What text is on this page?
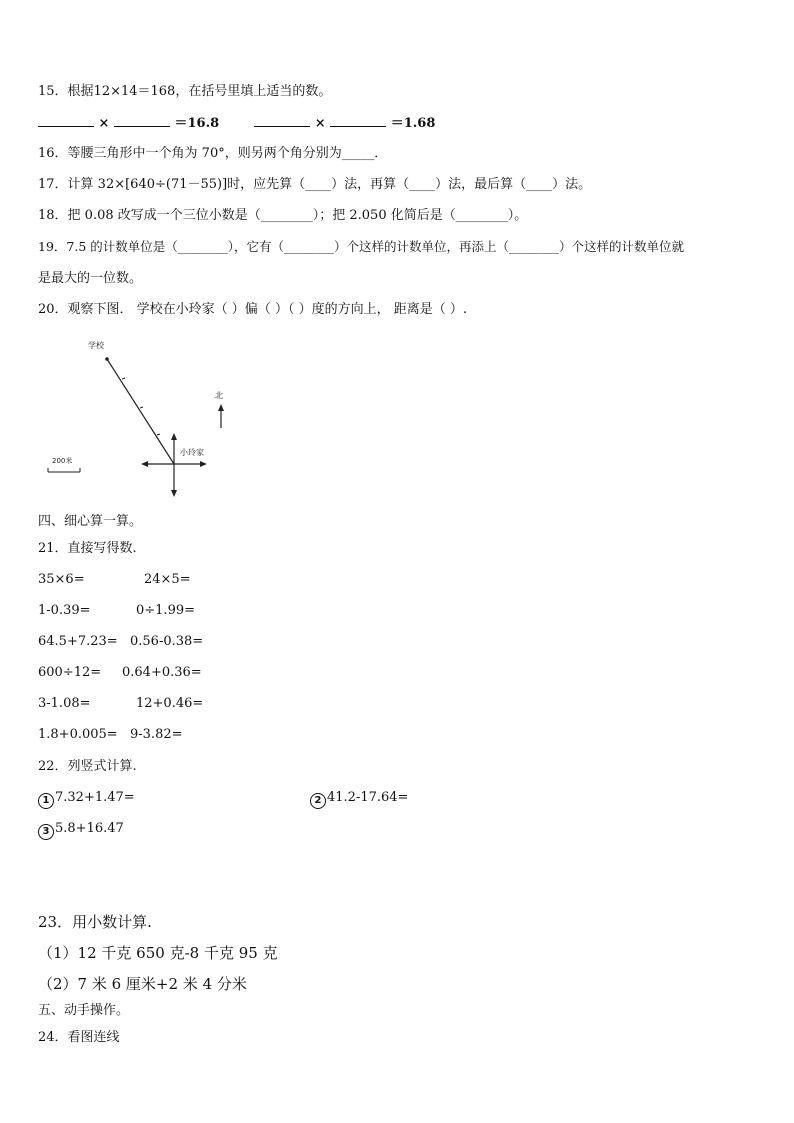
15．根据12×14＝168，在括号里填上适当的数。
×	＝16.8	×	＝1.68
16．等腰三角形中一个角为 70°，则另两个角分别为_____．
17．计算 32×[640÷(71－55)]时，应先算（____）法，再算（____）法，最后算（____）法。
18．把 0.08 改写成一个三位小数是（________）；把 2.050 化简后是（________）。
19．7.5 的计数单位是（________），它有（________）个这样的计数单位，再添上（________）个这样的计数单位就
是最大的一位数。
20．观察下图． 学校在小玲家（ ）偏（ ）（ ）度的方向上， 距离是（ ）.
学校
小玲家
北
200米
四、细心算一算。
21．直接写得数.
35×6=	24×5=
1-0.39=	0÷1.99=
64.5+7.23= 0.56-0.38=
600÷12= 0.64+0.36=
3-1.08=	12+0.46=
1.8+0.005= 9-3.82=
22．列竖式计算.
1 7.32+1.47=	2 41.2-17.64=
3 5.8+16.47
23．用小数计算.
（1）12 千克 650 克-8 千克 95 克
（2）7 米 6 厘米+2 米 4 分米
五、动手操作。
24．看图连线
